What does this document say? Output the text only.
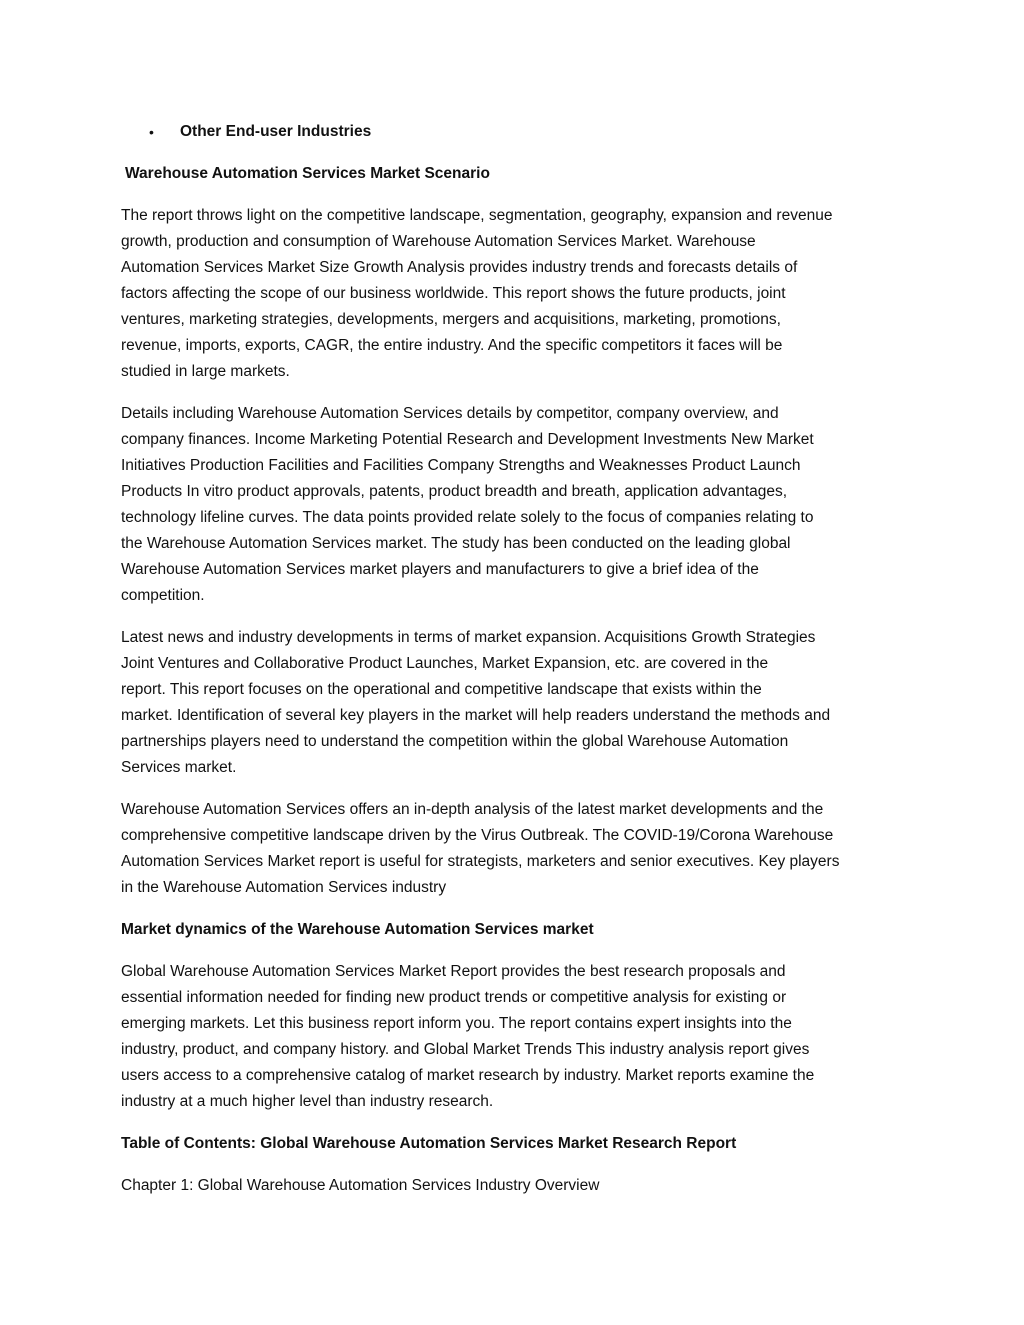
• Other End-user Industries
Warehouse Automation Services Market Scenario
The report throws light on the competitive landscape, segmentation, geography, expansion and revenue
growth, production and consumption of Warehouse Automation Services Market. Warehouse
Automation Services Market Size Growth Analysis provides industry trends and forecasts details of
factors affecting the scope of our business worldwide. This report shows the future products, joint
ventures, marketing strategies, developments, mergers and acquisitions, marketing, promotions,
revenue, imports, exports, CAGR, the entire industry. And the specific competitors it faces will be
studied in large markets.
Details including Warehouse Automation Services details by competitor, company overview, and
company finances. Income Marketing Potential Research and Development Investments New Market
Initiatives Production Facilities and Facilities Company Strengths and Weaknesses Product Launch
Products In vitro product approvals, patents, product breadth and breath, application advantages,
technology lifeline curves. The data points provided relate solely to the focus of companies relating to
the Warehouse Automation Services market. The study has been conducted on the leading global
Warehouse Automation Services market players and manufacturers to give a brief idea of the
competition.
Latest news and industry developments in terms of market expansion. Acquisitions Growth Strategies
Joint Ventures and Collaborative Product Launches, Market Expansion, etc. are covered in the
report. This report focuses on the operational and competitive landscape that exists within the
market. Identification of several key players in the market will help readers understand the methods and
partnerships players need to understand the competition within the global Warehouse Automation
Services market.
Warehouse Automation Services offers an in-depth analysis of the latest market developments and the
comprehensive competitive landscape driven by the Virus Outbreak. The COVID-19/Corona Warehouse
Automation Services Market report is useful for strategists, marketers and senior executives. Key players
in the Warehouse Automation Services industry
Market dynamics of the Warehouse Automation Services market
Global Warehouse Automation Services Market Report provides the best research proposals and
essential information needed for finding new product trends or competitive analysis for existing or
emerging markets. Let this business report inform you. The report contains expert insights into the
industry, product, and company history. and Global Market Trends This industry analysis report gives
users access to a comprehensive catalog of market research by industry. Market reports examine the
industry at a much higher level than industry research.
Table of Contents: Global Warehouse Automation Services Market Research Report
Chapter 1: Global Warehouse Automation Services Industry Overview
